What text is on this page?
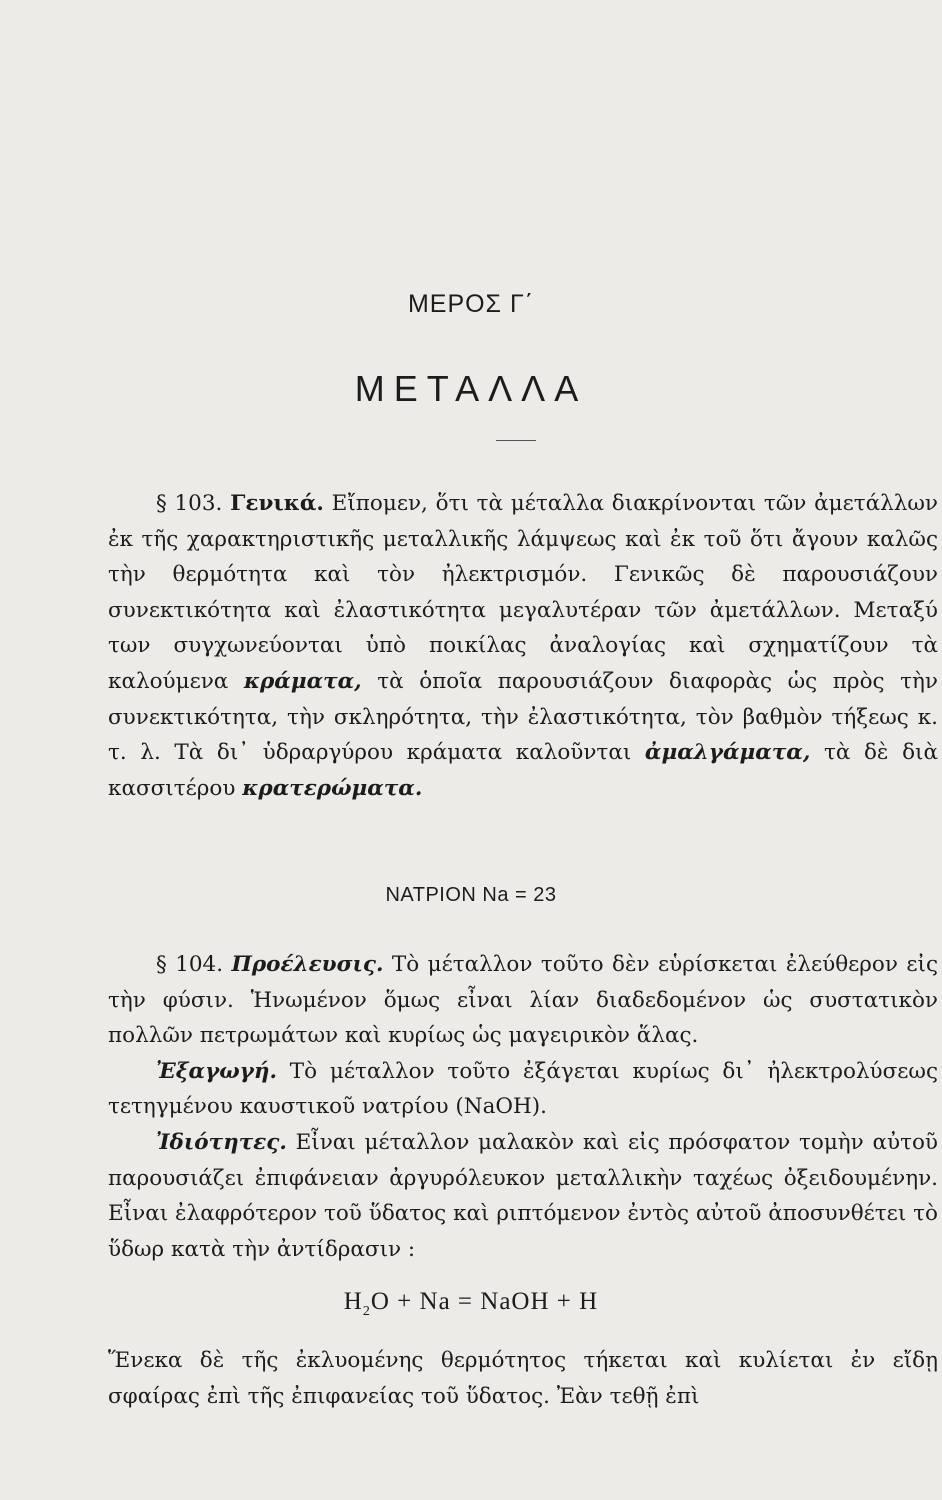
ΜΕΡΟΣ Γ΄
ΜΕΤΑΛΛΑ
§ 103. Γενικά. Εἴπομεν, ὅτι τὰ μέταλλα διακρίνονται τῶν ἀμετάλλων ἐκ τῆς χαρακτηριστικῆς μεταλλικῆς λάμψεως καὶ ἐκ τοῦ ὅτι ἄγουν καλῶς τὴν θερμότητα καὶ τὸν ἠλεκτρισμόν. Γενικῶς δὲ παρουσιάζουν συνεκτικότητα καὶ ἐλαστικότητα μεγαλυτέραν τῶν ἀμετάλλων. Μεταξύ των συγχωνεύονται ὑπὸ ποικίλας ἀναλογίας καὶ σχηματίζουν τὰ καλούμενα κράματα, τὰ ὁποῖα παρουσιάζουν διαφορὰς ὡς πρὸς τὴν συνεκτικότητα, τὴν σκληρότητα, τὴν ἐλαστικότητα, τὸν βαθμὸν τήξεως κ. τ. λ. Τὰ δι᾽ ὑδραργύρου κράματα καλοῦνται ἀμαλγάματα, τὰ δὲ διὰ κασσιτέρου κρατερώματα.
ΝΑΤΡΙΟΝ Na = 23
§ 104. Προέλευσις. Τὸ μέταλλον τοῦτο δὲν εὑρίσκεται ἐλεύθερον εἰς τὴν φύσιν. Ἡνωμένον ὅμως εἶναι λίαν διαδεδομένον ὡς συστατικὸν πολλῶν πετρωμάτων καὶ κυρίως ὡς μαγειρικὸν ἅλας.
Ἐξαγωγή. Τὸ μέταλλον τοῦτο ἐξάγεται κυρίως δι᾽ ἠλεκτρολύσεως τετηγμένου καυστικοῦ νατρίου (NaOH).
Ἰδιότητες. Εἶναι μέταλλον μαλακὸν καὶ εἰς πρόσφατον τομὴν αὐτοῦ παρουσιάζει ἐπιφάνειαν ἀργυρόλευκον μεταλλικὴν ταχέως ὀξειδουμένην. Εἶναι ἐλαφρότερον τοῦ ὕδατος καὶ ριπτόμενον ἐντὸς αὐτοῦ ἀποσυνθέτει τὸ ὕδωρ κατὰ τὴν ἀντίδρασιν :
$H_2O + Na$ = NaOH + H
Ἕνεκα δὲ τῆς ἐκλυομένης θερμότητος τήκεται καὶ κυλίεται ἐν εἴδῃ σφαίρας ἐπὶ τῆς ἐπιφανείας τοῦ ὕδατος. Ἐὰν τεθῇ ἐπὶ
